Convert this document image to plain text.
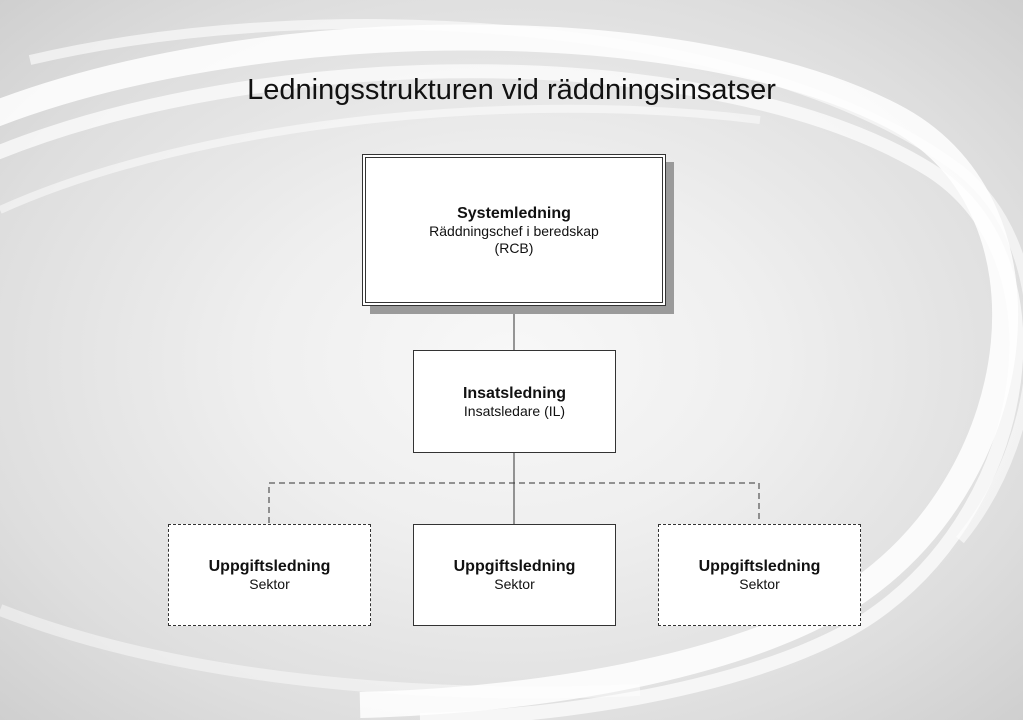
Ledningsstrukturen vid räddningsinsatser
Systemledning
Räddningschef i beredskap
(RCB)
Insatsledning
Insatsledare (IL)
Uppgiftsledning
Sektor
Uppgiftsledning
Sektor
Uppgiftsledning
Sektor
